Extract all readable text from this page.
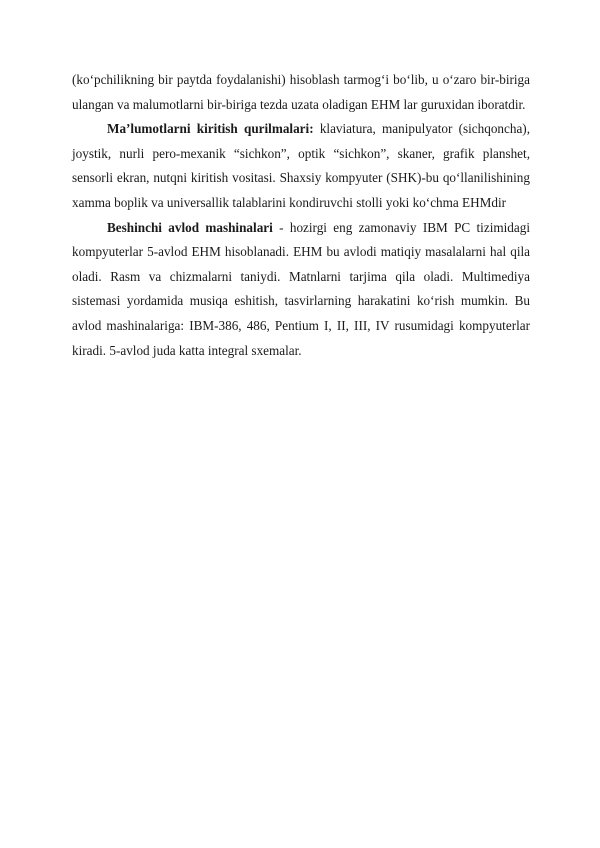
(ko‘pchilikning bir paytda foydalanishi) hisoblash tarmog‘i bo‘lib, u o‘zaro bir-biriga ulangan va malumotlarni bir-biriga tezda uzata oladigan EHM lar guruxidan iboratdir.

Ma’lumotlarni kiritish qurilmalari: klaviatura, manipulyator (sichqoncha), joystik, nurli pero-mexanik “sichkon”, optik “sichkon”, skaner, grafik planshet, sensorli ekran, nutqni kiritish vositasi. Shaxsiy kompyuter (SHK)-bu qo‘llanilishining xamma boplik va universallik talablarini kondiruvchi stolli yoki ko‘chma EHMdir

Beshinchi avlod mashinalari - hozirgi eng zamonaviy IBM PC tizimidagi kompyuterlar 5-avlod EHM hisoblanadi. EHM bu avlodi matiqiy masalalarni hal qila oladi. Rasm va chizmalarni taniydi. Matnlarni tarjima qila oladi. Multimediya sistemasi yordamida musiqa eshitish, tasvirlarning harakatini ko‘rish mumkin. Bu avlod mashinalariga: IBM-386, 486, Pentium I, II, III, IV rusumidagi kompyuterlar kiradi. 5-avlod juda katta integral sxemalar.
